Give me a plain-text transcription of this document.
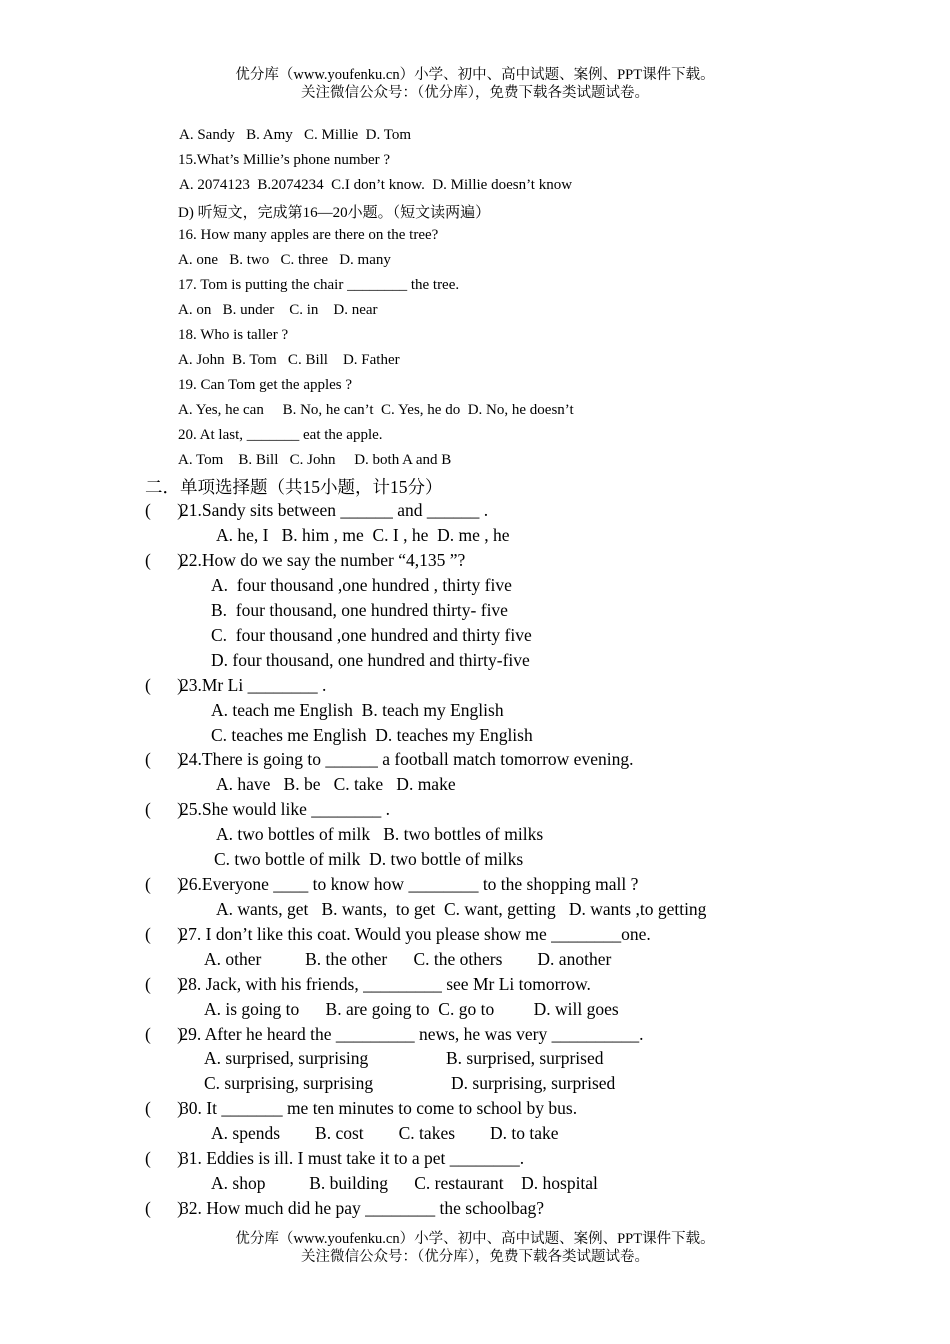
优分库（www.youfenku.cn）小学、初中、高中试题、案例、PPT课件下载。
关注微信公众号：（优分库），免费下载各类试题试卷。
A. Sandy   B. Amy   C. Millie  D. Tom
15.What’s Millie’s phone number ?
A. 2074123  B.2074234  C.I don’t know.  D. Millie doesn’t know
D) 听短文，完成第16—20小题。（短文读两遍）
16. How many apples are there on the tree?
A. one   B. two   C. three   D. many
17. Tom is putting the chair ________ the tree.
A. on   B. under    C. in    D. near
18. Who is taller ?
A. John  B. Tom   C. Bill    D. Father
19. Can Tom get the apples ?
A. Yes, he can     B. No, he can’t  C. Yes, he do  D. No, he doesn’t
20. At last, _______ eat the apple.
A. Tom    B. Bill   C. John     D. both A and B
二．单项选择题（共15小题，计15分）
(      )
21.Sandy sits between ______ and ______ .
A. he, I   B. him , me  C. I , he  D. me , he
(      )
22.How do we say the number “4,135 ”?
A.  four thousand ,one hundred , thirty five
B.  four thousand, one hundred thirty- five
C.  four thousand ,one hundred and thirty five
D. four thousand, one hundred and thirty-five
(      )
23.Mr Li ________ .
A. teach me English  B. teach my English
C. teaches me English  D. teaches my English
(      )
24.There is going to ______ a football match tomorrow evening.
A. have   B. be   C. take   D. make
(      )
25.She would like ________ .
A. two bottles of milk   B. two bottles of milks
C. two bottle of milk  D. two bottle of milks
(      )
26.Everyone ____ to know how ________ to the shopping mall ?
A. wants, get   B. wants,  to get  C. want, getting   D. wants ,to getting
(      )
27. I don’t like this coat. Would you please show me ________one.
A. other          B. the other      C. the others        D. another
(      )
28. Jack, with his friends, _________ see Mr Li tomorrow.
A. is going to      B. are going to  C. go to         D. will goes
(      )
29. After he heard the _________ news, he was very __________.
A. surprised, surprising	B. surprised, surprised
C. surprising, surprising	D. surprising, surprised
(      )
30. It _______ me ten minutes to come to school by bus.
A. spends        B. cost        C. takes        D. to take
(      )
31. Eddies is ill. I must take it to a pet ________.
A. shop          B. building      C. restaurant    D. hospital
(      )
32. How much did he pay ________ the schoolbag?
优分库（www.youfenku.cn）小学、初中、高中试题、案例、PPT课件下载。
关注微信公众号：（优分库），免费下载各类试题试卷。
